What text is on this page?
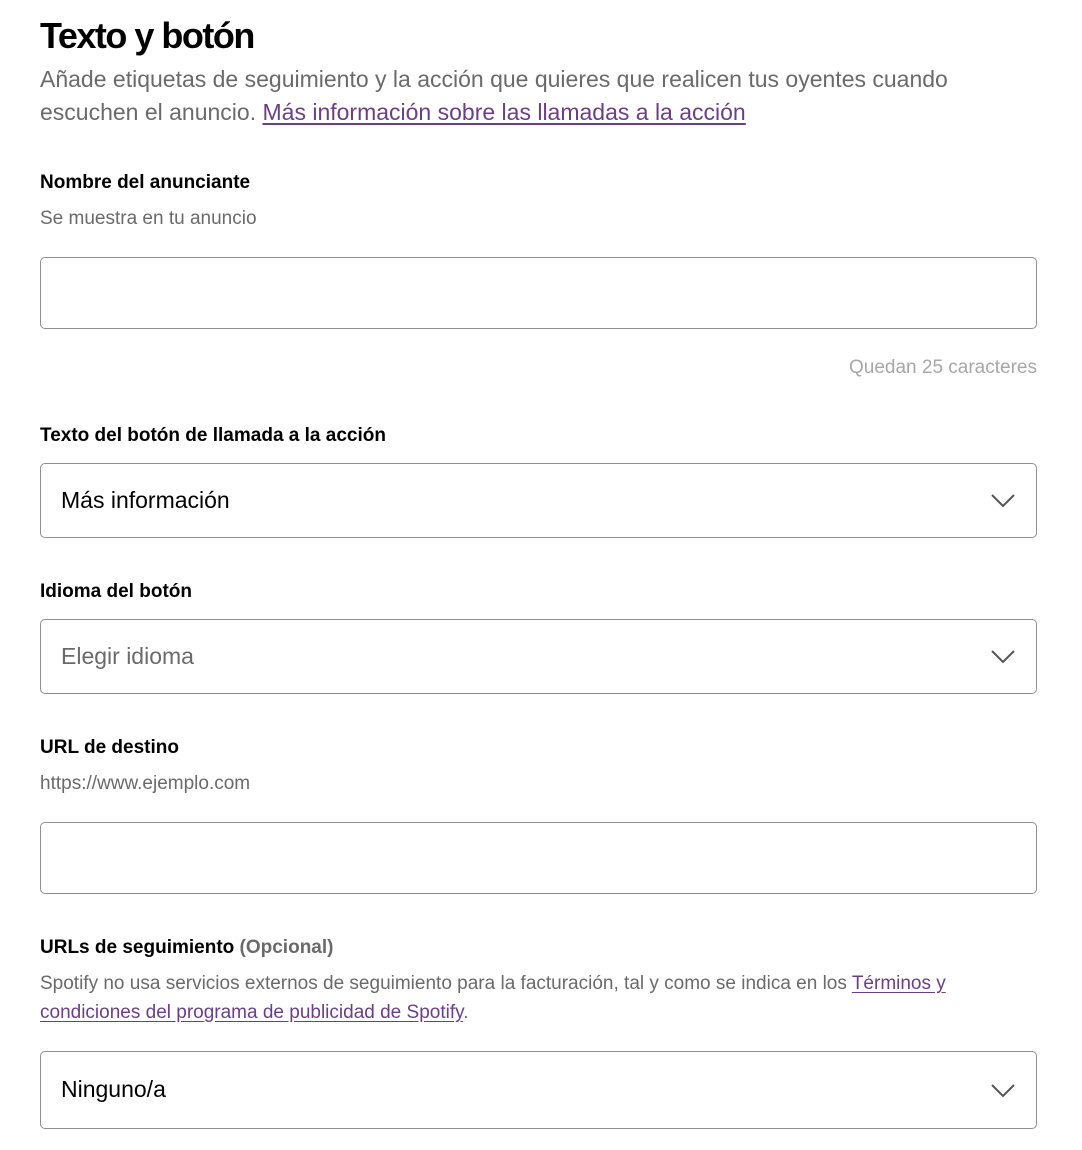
Texto y botón

Añade etiquetas de seguimiento y la acción que quieres que realicen tus oyentes cuando escuchen el anuncio. Más información sobre las llamadas a la acción

Nombre del anunciante
Se muestra en tu anuncio
Quedan 25 caracteres
Texto del botón de llamada a la acción
Más información
Idioma del botón
Elegir idioma
URL de destino
https://www.ejemplo.com
URLs de seguimiento (Opcional)
Spotify no usa servicios externos de seguimiento para la facturación, tal y como se indica en los Términos y condiciones del programa de publicidad de Spotify.
Ninguno/a
